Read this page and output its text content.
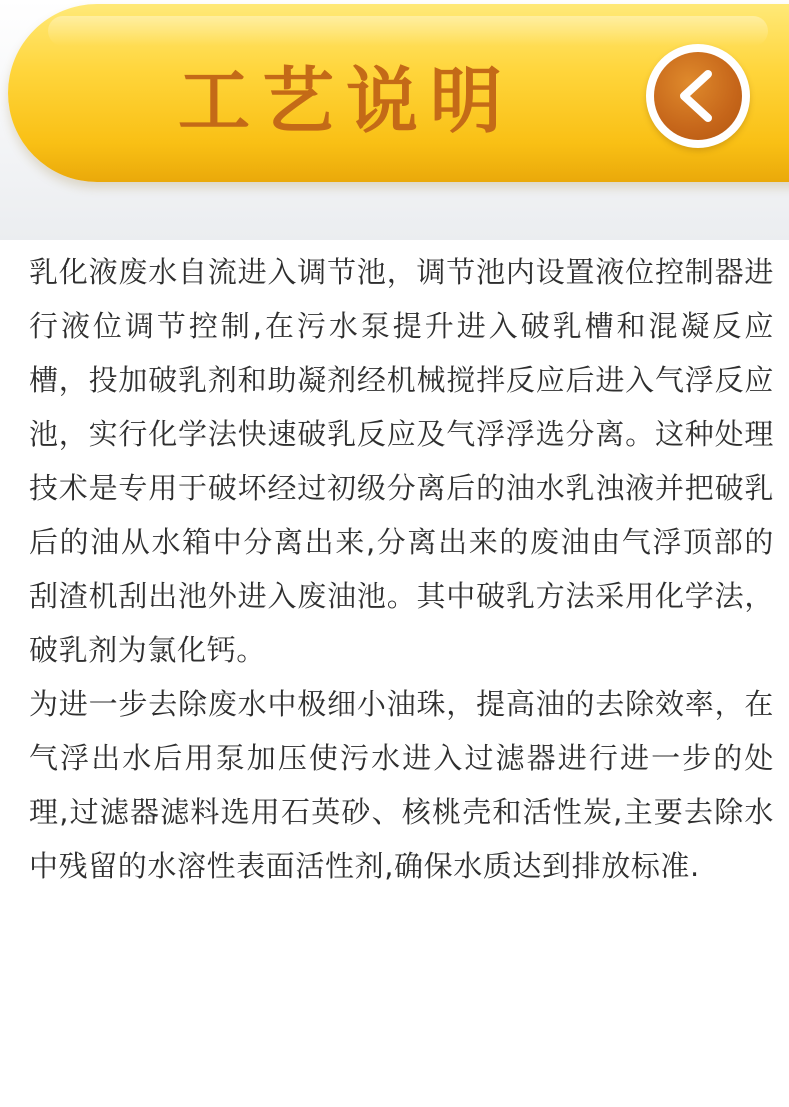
工艺说明

乳化液废水自流进入调节池，调节池内设置液位控制器进行液位调节控制,在污水泵提升进入破乳槽和混凝反应槽，投加破乳剂和助凝剂经机械搅拌反应后进入气浮反应池，实行化学法快速破乳反应及气浮浮选分离。这种处理技术是专用于破坏经过初级分离后的油水乳浊液并把破乳后的油从水箱中分离出来,分离出来的废油由气浮顶部的刮渣机刮出池外进入废油池。其中破乳方法采用化学法，破乳剂为氯化钙。

为进一步去除废水中极细小油珠，提高油的去除效率，在气浮出水后用泵加压使污水进入过滤器进行进一步的处理,过滤器滤料选用石英砂、核桃壳和活性炭,主要去除水中残留的水溶性表面活性剂,确保水质达到排放标准.
